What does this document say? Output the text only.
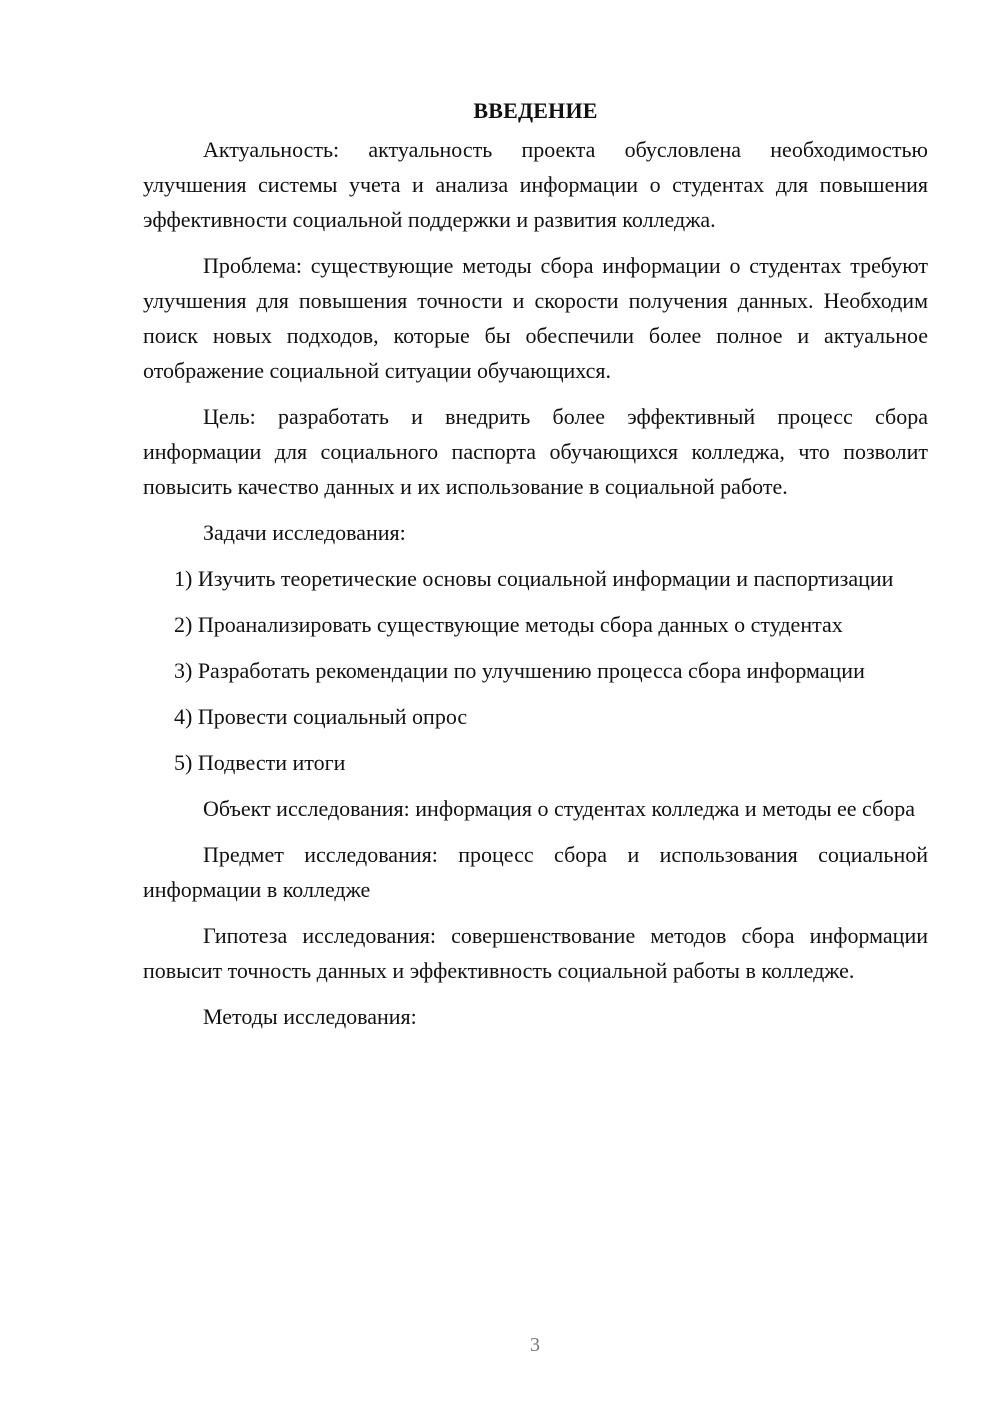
ВВЕДЕНИЕ

Актуальность: актуальность проекта обусловлена необходимостью улучшения системы учета и анализа информации о студентах для повышения эффективности социальной поддержки и развития колледжа.

Проблема: существующие методы сбора информации о студентах требуют улучшения для повышения точности и скорости получения данных. Необходим поиск новых подходов, которые бы обеспечили более полное и актуальное отображение социальной ситуации обучающихся.

Цель: разработать и внедрить более эффективный процесс сбора информации для социального паспорта обучающихся колледжа, что позволит повысить качество данных и их использование в социальной работе.

Задачи исследования:

1) Изучить теоретические основы социальной информации и паспортизации

2) Проанализировать существующие методы сбора данных о студентах

3) Разработать рекомендации по улучшению процесса сбора информации

4) Провести социальный опрос

5) Подвести итоги

Объект исследования: информация о студентах колледжа и методы ее сбора

Предмет исследования: процесс сбора и использования социальной информации в колледже

Гипотеза исследования: совершенствование методов сбора информации повысит точность данных и эффективность социальной работы в колледже.

Методы исследования:

3
